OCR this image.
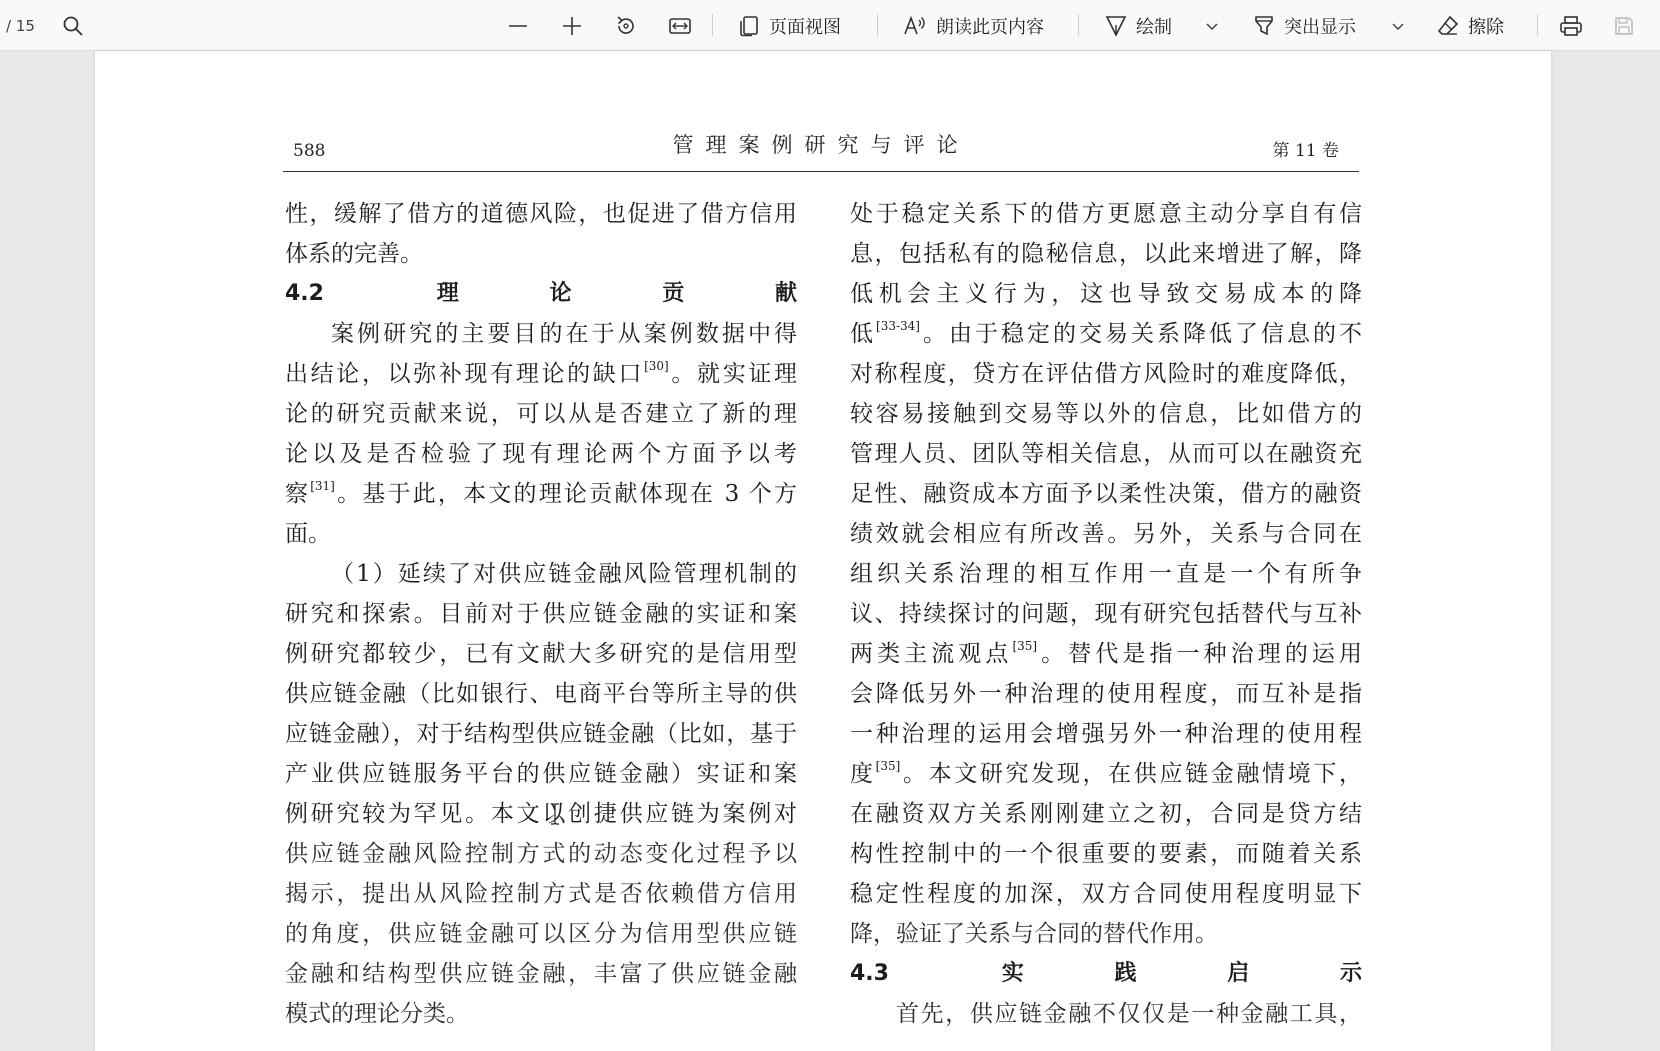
/ 15	页面视图	朗读此页内容	绘制	突出显示	擦除
588	管理案例研究与评论	第 11 卷

性，缓解了借方的道德风险，也促进了借方信用

体系的完善。

4.2 理论贡献

案例研究的主要目的在于从案例数据中得

出结论，以弥补现有理论的缺口[30]。就实证理

论的研究贡献来说，可以从是否建立了新的理

论以及是否检验了现有理论两个方面予以考

察[31]。基于此，本文的理论贡献体现在 3 个方

面。

（1）延续了对供应链金融风险管理机制的

研究和探索。目前对于供应链金融的实证和案

例研究都较少，已有文献大多研究的是信用型

供应链金融（比如银行、电商平台等所主导的供

应链金融），对于结构型供应链金融（比如，基于

产业供应链服务平台的供应链金融）实证和案

例研究较为罕见。本文以创捷供应链为案例对

供应链金融风险控制方式的动态变化过程予以

揭示，提出从风险控制方式是否依赖借方信用

的角度，供应链金融可以区分为信用型供应链

金融和结构型供应链金融，丰富了供应链金融

模式的理论分类。

处于稳定关系下的借方更愿意主动分享自有信

息，包括私有的隐秘信息，以此来增进了解，降

低机会主义行为，这也导致交易成本的降

低[33-34]。由于稳定的交易关系降低了信息的不

对称程度，贷方在评估借方风险时的难度降低，

较容易接触到交易等以外的信息，比如借方的

管理人员、团队等相关信息，从而可以在融资充

足性、融资成本方面予以柔性决策，借方的融资

绩效就会相应有所改善。另外，关系与合同在

组织关系治理的相互作用一直是一个有所争

议、持续探讨的问题，现有研究包括替代与互补

两类主流观点[35]。替代是指一种治理的运用

会降低另外一种治理的使用程度，而互补是指

一种治理的运用会增强另外一种治理的使用程

度[35]。本文研究发现，在供应链金融情境下，

在融资双方关系刚刚建立之初，合同是贷方结

构性控制中的一个很重要的要素，而随着关系

稳定性程度的加深，双方合同使用程度明显下

降，验证了关系与合同的替代作用。

4.3 实践启示

首先，供应链金融不仅仅是一种金融工具，
